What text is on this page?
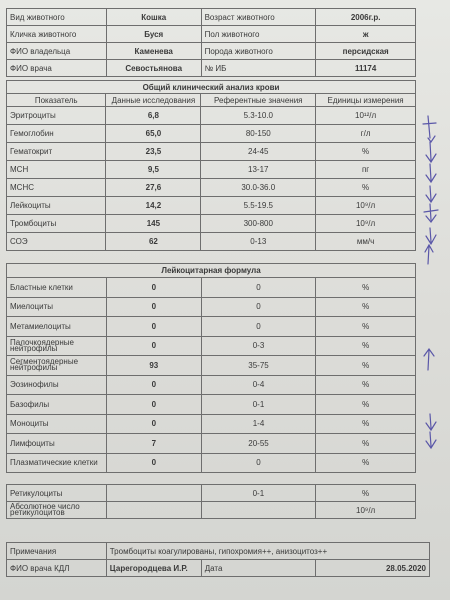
Вид животного	Кошка	Возраст животного	2006г.р.
Кличка животного	Буся	Пол животного	ж
ФИО владельца	Каменева	Порода животного	персидская
ФИО врача	Севостьянова	№ ИБ	11174
Общий клинический анализ крови			
Показатель	Данные исследования	Референтные значения	Единицы измерения
Эритроциты	6,8	5.3-10.0	10¹²/л
Гемоглобин	65,0	80-150	г/л
Гематокрит	23,5	24-45	%
МСН	9,5	13-17	пг
МСНС	27,6	30.0-36.0	%
Лейкоциты	14,2	5.5-19.5	10⁹/л
Тромбоциты	145	300-800	10⁹/л
СОЭ	62	0-13	мм/ч
Лейкоцитарная формула			
Бластные клетки	0	0	%
Миелоциты	0	0	%
Метамиелоциты	0	0	%
Палочкоядерные нейтрофилы	0	0-3	%
Сегментоядерные нейтрофилы	93	35-75	%
Эозинофилы	0	0-4	%
Базофилы	0	0-1	%
Моноциты	0	1-4	%
Лимфоциты	7	20-55	%
Плазматические клетки	0	0	%
Ретикулоциты		0-1	%
Абсолютное число ретикулоцитов			10⁹/л
Примечания	Тромбоциты коагулированы, гипохромия++, анизоцитоз++		
ФИО врача КДЛ	Царегородцева И.Р.	Дата	28.05.2020
